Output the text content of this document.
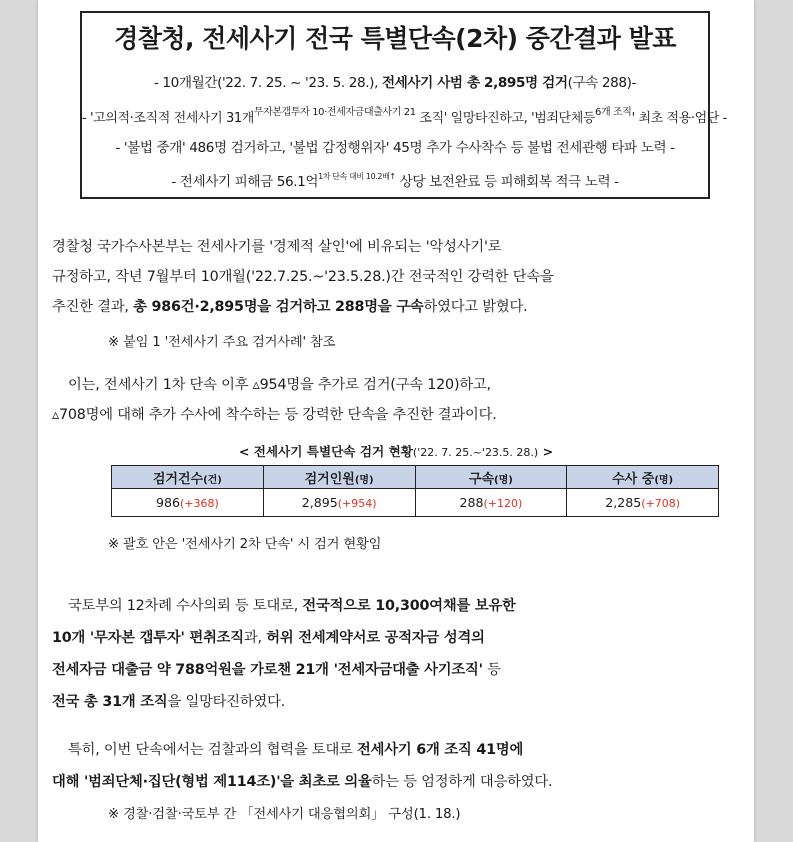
경찰청, 전세사기 전국 특별단속(2차) 중간결과 발표
- 10개월간('22. 7. 25. ~ '23. 5. 28.), 전세사기 사범 총 2,895명 검거(구속 288)-
- '고의적·조직적 전세사기 31개$^{무자본갭투자 10\cdot 전세자금대출사기 21}$ 조직' 일망타진하고, '범죄단체등$^{6개 조직}$' 최초 적용·엄단 -
- '불법 중개' 486명 검거하고, '불법 감정행위자' 45명 추가 수사착수 등 불법 전세관행 타파 노력 -
- 전세사기 피해금 56.1억$^{1차 단속 대비 10.2배↑}$ 상당 보전완료 등 피해회복 적극 노력 -
경찰청 국가수사본부는 전세사기를 '경제적 살인'에 비유되는 '악성사기'로
규정하고, 작년 7월부터 10개월('22.7.25.~'23.5.28.)간 전국적인 강력한 단속을
추진한 결과, 총 986건·2,895명을 검거하고 288명을 구속하였다고 밝혔다.
※ 붙임 1 '전세사기 주요 검거사례' 참조
이는, 전세사기 1차 단속 이후 ▵954명을 추가로 검거(구속 120)하고,
▵708명에 대해 추가 수사에 착수하는 등 강력한 단속을 추진한 결과이다.
< 전세사기 특별단속 검거 현황('22. 7. 25.~'23.5. 28.) >
검거건수(건)	검거인원(명)	구속(명)	수사 중(명)
986(+368)	2,895(+954)	288(+120)	2,285(+708)
※ 괄호 안은 '전세사기 2차 단속' 시 검거 현황임
국토부의 12차례 수사의뢰 등 토대로, 전국적으로 10,300여채를 보유한
10개 '무자본 갭투자' 편취조직과, 허위 전세계약서로 공적자금 성격의
전세자금 대출금 약 788억원을 가로챈 21개 '전세자금대출 사기조직' 등
전국 총 31개 조직을 일망타진하였다.
특히, 이번 단속에서는 검찰과의 협력을 토대로 전세사기 6개 조직 41명에
대해 '범죄단체·집단(형법 제114조)'을 최초로 의율하는 등 엄정하게 대응하였다.
※ 경찰·검찰·국토부 간 「전세사기 대응협의회」 구성(1. 18.)
